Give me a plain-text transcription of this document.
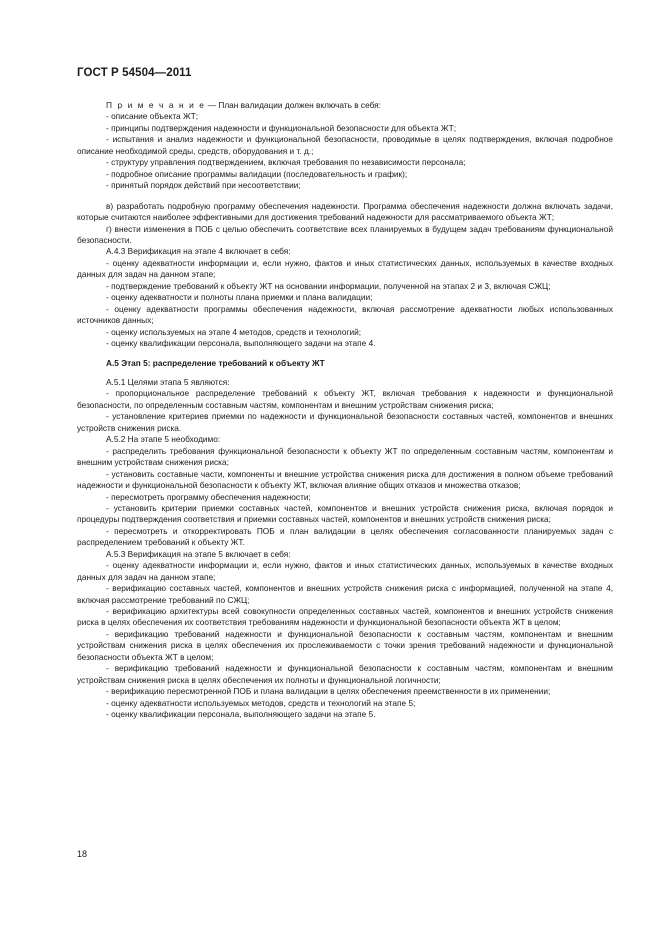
ГОСТ Р 54504—2011
П р и м е ч а н и е — План валидации должен включать в себя:
- описание объекта ЖТ;
- принципы подтверждения надежности и функциональной безопасности для объекта ЖТ;
- испытания и анализ надежности и функциональной безопасности, проводимые в целях подтверждения, включая подробное описание необходимой среды, средств, оборудования и т. д.;
- структуру управления подтверждением, включая требования по независимости персонала;
- подробное описание программы валидации (последовательность и график);
- принятый порядок действий при несоответствии;
в) разработать подробную программу обеспечения надежности. Программа обеспечения надежности должна включать задачи, которые считаются наиболее эффективными для достижения требований надежности для рассматриваемого объекта ЖТ;
г) внести изменения в ПОБ с целью обеспечить соответствие всех планируемых в будущем задач требованиям функциональной безопасности.
А.4.3 Верификация на этапе 4 включает в себя:
- оценку адекватности информации и, если нужно, фактов и иных статистических данных, используемых в качестве входных данных для задач на данном этапе;
- подтверждение требований к объекту ЖТ на основании информации, полученной на этапах 2 и 3, включая СЖЦ;
- оценку адекватности и полноты плана приемки и плана валидации;
- оценку адекватности программы обеспечения надежности, включая рассмотрение адекватности любых использованных источников данных;
- оценку используемых на этапе 4 методов, средств и технологий;
- оценку квалификации персонала, выполняющего задачи на этапе 4.
А.5 Этап 5: распределение требований к объекту ЖТ
А.5.1 Целями этапа 5 являются:
- пропорциональное распределение требований к объекту ЖТ, включая требования к надежности и функциональной безопасности, по определенным составным частям, компонентам и внешним устройствам снижения риска;
- установление критериев приемки по надежности и функциональной безопасности составных частей, компонентов и внешних устройств снижения риска.
А.5.2 На этапе 5 необходимо:
- распределить требования функциональной безопасности к объекту ЖТ по определенным составным частям, компонентам и внешним устройствам снижения риска;
- установить составные части, компоненты и внешние устройства снижения риска для достижения в полном объеме требований надежности и функциональной безопасности к объекту ЖТ, включая влияние общих отказов и множества отказов;
- пересмотреть программу обеспечения надежности;
- установить критерии приемки составных частей, компонентов и внешних устройств снижения риска, включая порядок и процедуры подтверждения соответствия и приемки составных частей, компонентов и внешних устройств снижения риска;
- пересмотреть и откорректировать ПОБ и план валидации в целях обеспечения согласованности планируемых задач с распределением требований к объекту ЖТ.
А.5.3 Верификация на этапе 5 включает в себя:
- оценку адекватности информации и, если нужно, фактов и иных статистических данных, используемых в качестве входных данных для задач на данном этапе;
- верификацию составных частей, компонентов и внешних устройств снижения риска с информацией, полученной на этапе 4, включая рассмотрение требований по СЖЦ;
- верификацию архитектуры всей совокупности определенных составных частей, компонентов и внешних устройств снижения риска в целях обеспечения их соответствия требованиям надежности и функциональной безопасности объекта ЖТ в целом;
- верификацию требований надежности и функциональной безопасности к составным частям, компонентам и внешним устройствам снижения риска в целях обеспечения их прослеживаемости с точки зрения требований надежности и функциональной безопасности объекта ЖТ в целом;
- верификацию требований надежности и функциональной безопасности к составным частям, компонентам и внешним устройствам снижения риска в целях обеспечения их полноты и функциональной логичности;
- верификацию пересмотренной ПОБ и плана валидации в целях обеспечения преемственности в их применении;
- оценку адекватности используемых методов, средств и технологий на этапе 5;
- оценку квалификации персонала, выполняющего задачи на этапе 5.
18
